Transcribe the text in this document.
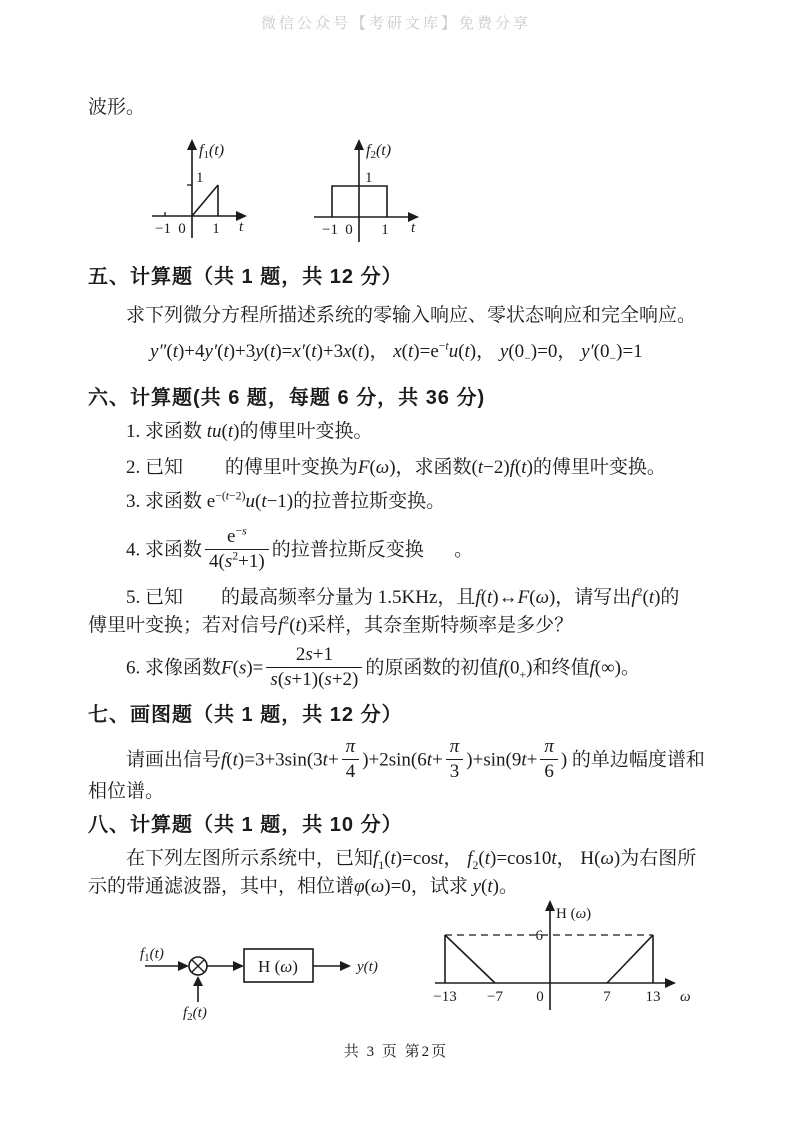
微信公众号【考研文库】免费分享
波形。
1
−1 0 1 t
f1(t)
1
−1 0 1 t
f2(t)
五、计算题（共 1 题，共 12 分）
求下列微分方程所描述系统的零输入响应、零状态响应和完全响应。
y″(t)+4y′(t)+3y(t)=x′(t)+3x(t)， $x(t)=e^{-t}u(t)$， $y(0_-)=0$， $y'(0_-)=1$
六、计算题(共 6 题，每题 6 分，共 36 分)
1. 求函数 tu(t)的傅里叶变换。
2. 已知 的傅里叶变换为F(ω)，求函数(t−2)f(t)的傅里叶变换。
3. 求函数 $e^{-(t-2)}u(t-1)$的拉普拉斯变换。
4. 求函数 $\frac{e^{-s}}{4(s^2+1)}$ 的拉普拉斯反变换 。
5. 已知 的最高频率分量为 1.5KHz，且f(t)↔F(ω)，请写出$f^2(t)$的
傅里叶变换；若对信号$f^2(t)$采样，其奈奎斯特频率是多少？
6. 求像函数$F(s)= \frac{2s+1}{s(s+1)(s+2)}$ 的原函数的初值$f(0_+)$和终值f(∞)。
七、画图题（共 1 题，共 12 分）
请画出信号$f(t)=3+3\sin(3t+ \frac{\pi}{4} )+2\sin(6t+ \frac{\pi}{3} )+\sin(9t+ \frac{\pi}{6}$ ) 的单边幅度谱和
相位谱。
八、计算题（共 1 题，共 10 分）
在下列左图所示系统中，已知$f_1(t)=\cos t$， $f_2(t)=\cos 10t$， H(ω)为右图所
示的带通滤波器，其中，相位谱φ(ω)=0，试求 y(t)。
$f_1(t)$
H (ω)	y(t)
$f_2(t)$
6
H (ω)
−13 −7 0	7 13 ω
共 3 页 第2页
